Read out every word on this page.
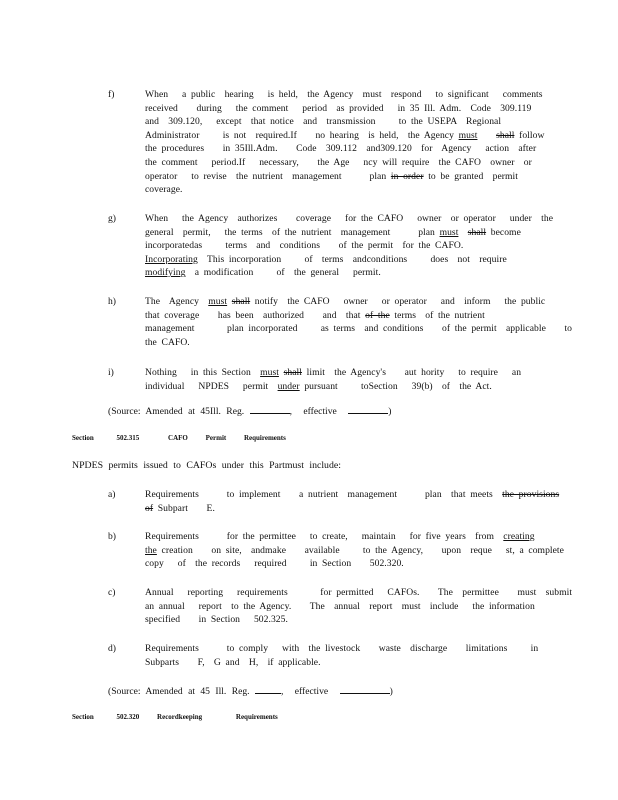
f)	When   a public  hearing   is held,  the Agency  must  respond   to significant   comments
received    during   the comment   period  as provided   in 35 Ill. Adm.  Code  309.119
and  309.120,   except  that notice  and  transmission     to the USEPA  Regional
Administrator     is not  required.If    no hearing  is held,  the Agency must shall follow
the procedures    in 35Ill.Adm.    Code  309.112  and309.120  for  Agency   action  after
the comment   period.If   necessary,    the Age   ncy will require  the CAFO  owner  or
operator   to revise  the nutrient  management      plan in order to be granted  permit
coverage.
g)	When   the Agency  authorizes    coverage   for the CAFO   owner  or operator   under  the
general  permit,   the terms  of the nutrient  management      plan must shall become
incorporatedas     terms  and  conditions    of the permit  for the CAFO.
Incorporating  This incorporation     of  terms  andconditions     does  not  require
modifying  a modification     of  the general   permit.
h)	The  Agency  must shall notify  the CAFO   owner   or operator   and  inform   the public
that coverage    has been  authorized    and  that of the terms  of the nutrient
management       plan incorporated     as terms  and conditions    of the permit  applicable    to
the CAFO.
i)	Nothing   in this Section  must shall limit  the Agency's    aut hority   to require   an
individual   NPDES   permit  under pursuant     toSection   39(b)  of  the Act.
(Source: Amended at 45Ill. Reg.	, effective	)
Section	502.315	CAFO	Permit	Requirements
NPDES permits issued to CAFOs under this Partmust include:
a)	Requirements      to implement    a nutrient  management      plan  that meets  the provisions
of Subpart    E.
b)	Requirements      for the permittee   to create,   maintain   for five years  from  creating
the creation    on site,  andmake    available     to the Agency,    upon  reque   st, a complete
copy   of  the records   required     in Section    502.320.
c)	Annual   reporting   requirements       for permitted   CAFOs.    The  permittee    must  submit
an annual   report  to the Agency.    The  annual  report  must  include   the information
specified    in Section   502.325.
d)	Requirements      to comply   with  the livestock    waste  discharge    limitations     in
Subparts    F,  G and  H,  if applicable.
(Source: Amended at 45 Ill. Reg.	, effective	)
Section	502.320	Recordkeeping	Requirements
